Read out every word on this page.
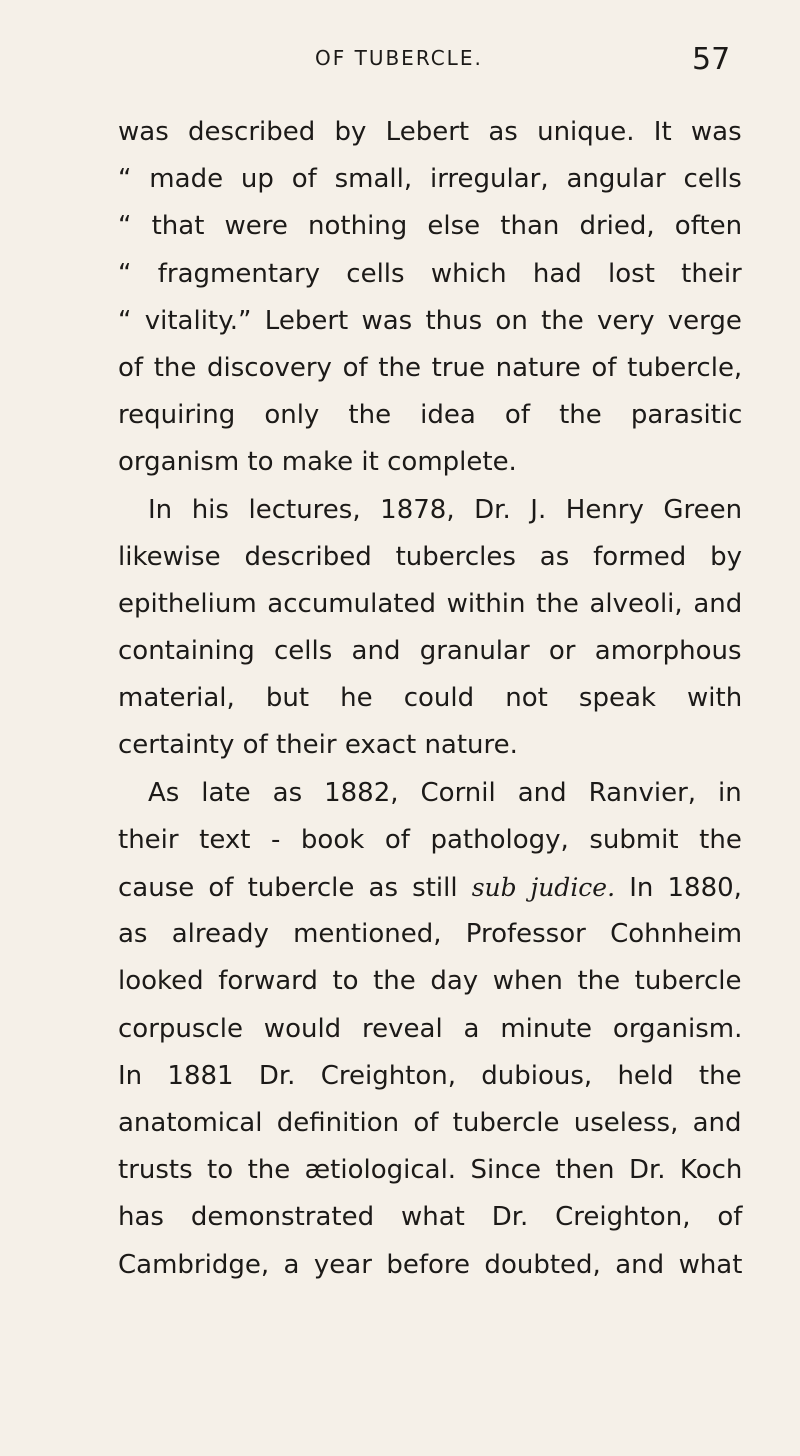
OF TUBERCLE.	57
was described by Lebert as unique. It was
“ made up of small, irregular, angular cells
“ that were nothing else than dried, often
“ fragmentary cells which had lost their
“ vitality.” Lebert was thus on the very verge
of the discovery of the true nature of tubercle,
requiring only the idea of the parasitic
organism to make it complete.
In his lectures, 1878, Dr. J. Henry Green
likewise described tubercles as formed by
epithelium accumulated within the alveoli, and
containing cells and granular or amorphous
material, but he could not speak with
certainty of their exact nature.
As late as 1882, Cornil and Ranvier, in
their text - book of pathology, submit the
cause of tubercle as still sub judice. In 1880,
as already mentioned, Professor Cohnheim
looked forward to the day when the tubercle
corpuscle would reveal a minute organism.
In 1881 Dr. Creighton, dubious, held the
anatomical definition of tubercle useless, and
trusts to the ætiological. Since then Dr. Koch
has demonstrated what Dr. Creighton, of
Cambridge, a year before doubted, and what
